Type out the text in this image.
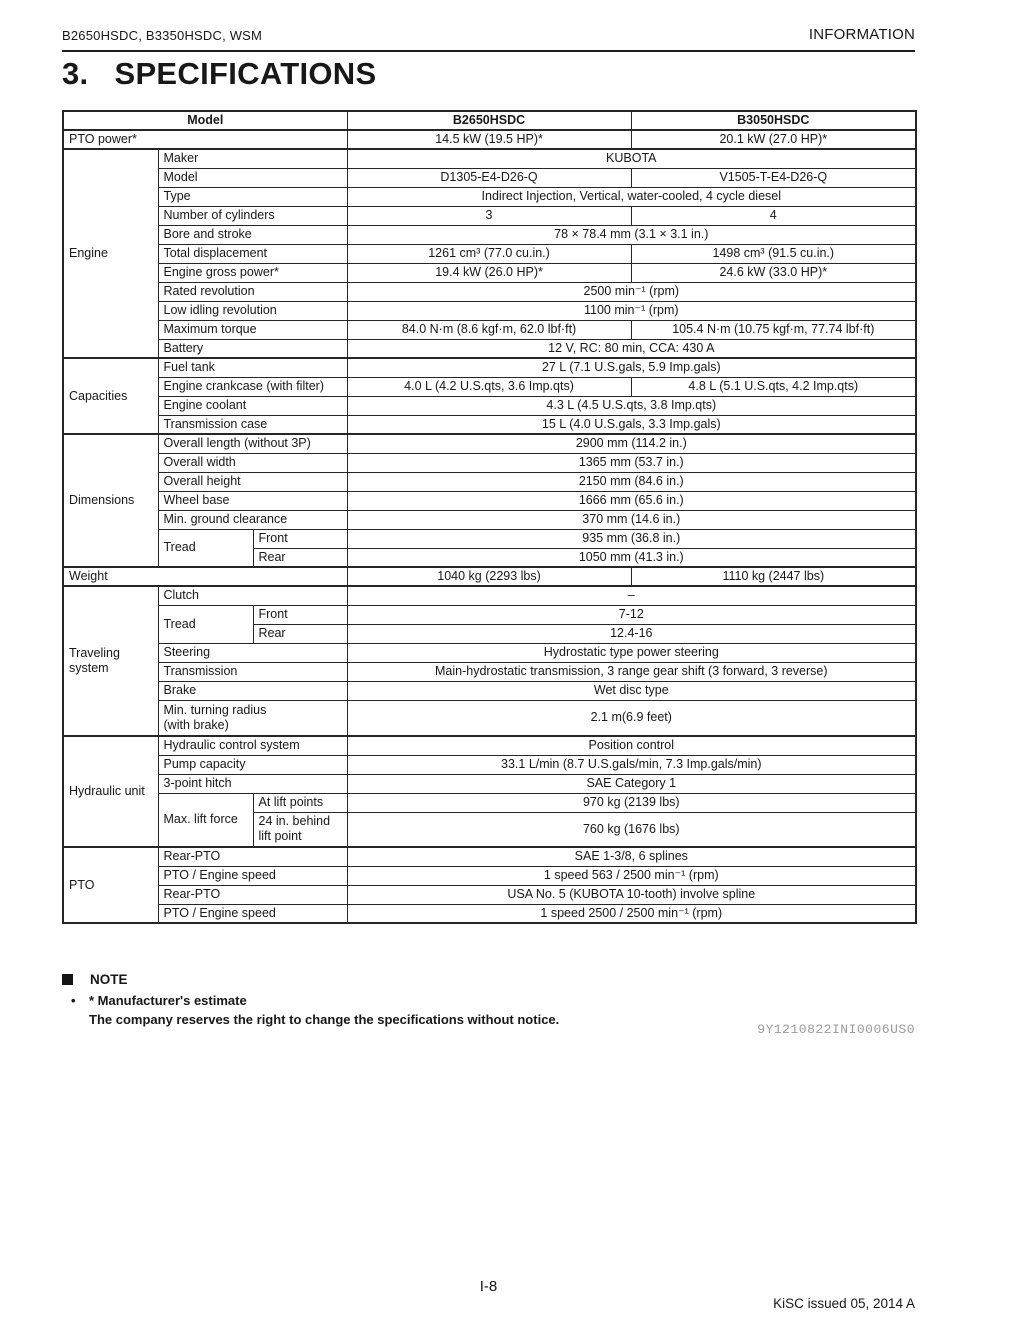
B2650HSDC, B3350HSDC, WSM	INFORMATION
3. SPECIFICATIONS
Model			B2650HSDC	B3050HSDC
PTO power*			14.5 kW (19.5 HP)*	20.1 kW (27.0 HP)*
Engine	Maker		KUBOTA	
	Model		D1305-E4-D26-Q	V1505-T-E4-D26-Q
	Type		Indirect Injection, Vertical, water-cooled, 4 cycle diesel	
	Number of cylinders		3	4
	Bore and stroke		78 × 78.4 mm (3.1 × 3.1 in.)	
	Total displacement		1261 cm³ (77.0 cu.in.)	1498 cm³ (91.5 cu.in.)
	Engine gross power*		19.4 kW (26.0 HP)*	24.6 kW (33.0 HP)*
	Rated revolution		2500 min⁻¹ (rpm)	
	Low idling revolution		1100 min⁻¹ (rpm)	
	Maximum torque		84.0 N·m (8.6 kgf·m, 62.0 lbf·ft)	105.4 N·m (10.75 kgf·m, 77.74 lbf·ft)
	Battery		12 V, RC: 80 min, CCA: 430 A	
Capacities	Fuel tank		27 L (7.1 U.S.gals, 5.9 Imp.gals)	
	Engine crankcase (with filter)		4.0 L (4.2 U.S.qts, 3.6 Imp.qts)	4.8 L (5.1 U.S.qts, 4.2 Imp.qts)
	Engine coolant		4.3 L (4.5 U.S.qts, 3.8 Imp.qts)	
	Transmission case		15 L (4.0 U.S.gals, 3.3 Imp.gals)	
Dimensions	Overall length (without 3P)		2900 mm (114.2 in.)	
	Overall width		1365 mm (53.7 in.)	
	Overall height		2150 mm (84.6 in.)	
	Wheel base		1666 mm (65.6 in.)	
	Min. ground clearance		370 mm (14.6 in.)	
	Tread	Front	935 mm (36.8 in.)	
		Rear	1050 mm (41.3 in.)	
Weight			1040 kg (2293 lbs)	1110 kg (2447 lbs)
Traveling system	Clutch		–	
	Tread	Front	7-12	
		Rear	12.4-16	
	Steering		Hydrostatic type power steering	
	Transmission		Main-hydrostatic transmission, 3 range gear shift (3 forward, 3 reverse)	
	Brake		Wet disc type	
	Min. turning radius (with brake)		2.1 m(6.9 feet)	
Hydraulic unit	Hydraulic control system		Position control	
	Pump capacity		33.1 L/min (8.7 U.S.gals/min, 7.3 Imp.gals/min)	
	3-point hitch		SAE Category 1	
	Max. lift force	At lift points	970 kg (2139 lbs)	
		24 in. behind lift point	760 kg (1676 lbs)	
PTO	Rear-PTO		SAE 1-3/8, 6 splines	
	PTO / Engine speed		1 speed 563 / 2500 min⁻¹ (rpm)	
	Rear-PTO		USA No. 5 (KUBOTA 10-tooth) involve spline	
	PTO / Engine speed		1 speed 2500 / 2500 min⁻¹ (rpm)	
NOTE
•	* Manufacturer's estimate
The company reserves the right to change the specifications without notice.
9Y1210822INI0006US0
I-8
KiSC issued 05, 2014 A
